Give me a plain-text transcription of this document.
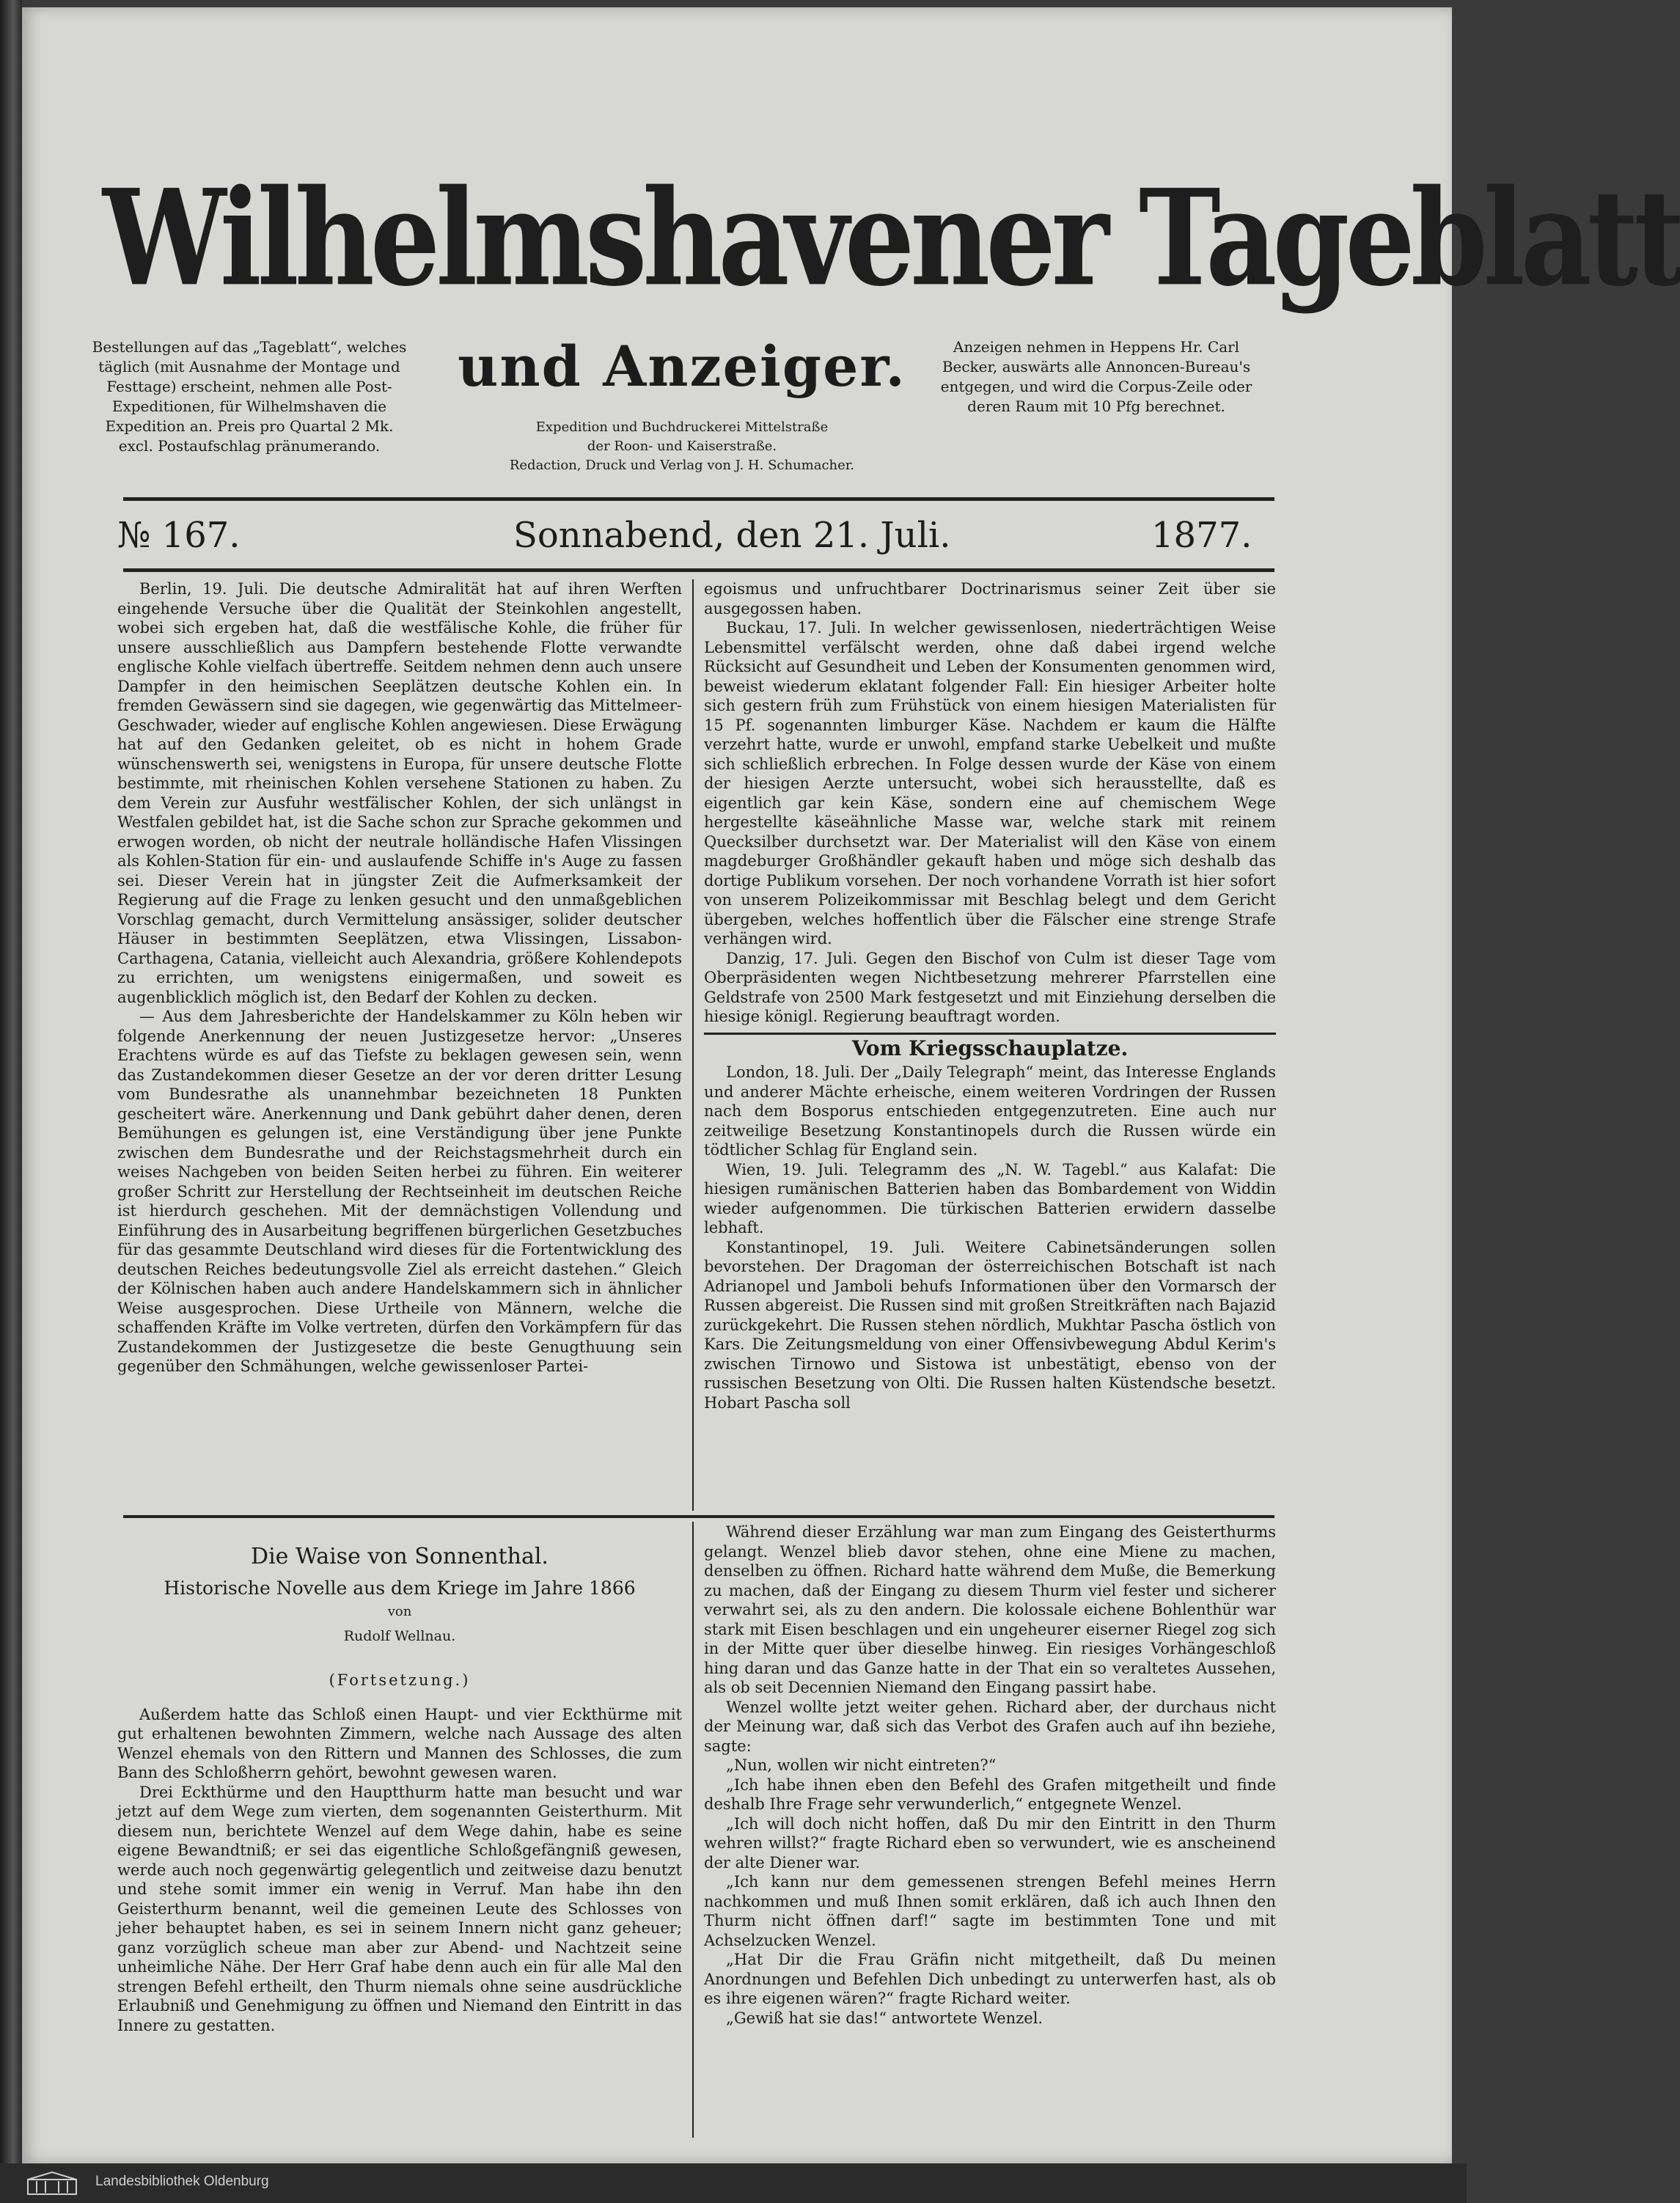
Wilhelmshavener Tageblatt
Bestellungen auf das „Tageblatt“, welches täglich (mit Ausnahme der Montage und Festtage) erscheint, nehmen alle Post-Expeditionen, für Wilhelmshaven die Expedition an. Preis pro Quartal 2 Mk. excl. Postaufschlag pränumerando.
und Anzeiger.	Anzeigen nehmen in Heppens Hr. Carl Becker, auswärts alle Annoncen-Bureau's entgegen, und wird die Corpus-Zeile oder deren Raum mit 10 Pfg berechnet.
Expedition und Buchdruckerei Mittelstraße
der Roon- und Kaiserstraße.
Redaction, Druck und Verlag von J. H. Schumacher.
№ 167.	Sonnabend, den 21. Juli.	1877.

Berlin, 19. Juli. Die deutsche Admiralität hat auf ihren Werften eingehende Versuche über die Qualität der Steinkohlen angestellt, wobei sich ergeben hat, daß die westfälische Kohle, die früher für unsere ausschließlich aus Dampfern bestehende Flotte verwandte englische Kohle vielfach übertreffe. Seitdem nehmen denn auch unsere Dampfer in den heimischen Seeplätzen deutsche Kohlen ein. In fremden Gewässern sind sie dagegen, wie gegenwärtig das Mittelmeer-Geschwader, wieder auf englische Kohlen angewiesen. Diese Erwägung hat auf den Gedanken geleitet, ob es nicht in hohem Grade wünschenswerth sei, wenigstens in Europa, für unsere deutsche Flotte bestimmte, mit rheinischen Kohlen versehene Stationen zu haben. Zu dem Verein zur Ausfuhr westfälischer Kohlen, der sich unlängst in Westfalen gebildet hat, ist die Sache schon zur Sprache gekommen und erwogen worden, ob nicht der neutrale holländische Hafen Vlissingen als Kohlen-Station für ein- und auslaufende Schiffe in's Auge zu fassen sei. Dieser Verein hat in jüngster Zeit die Aufmerksamkeit der Regierung auf die Frage zu lenken gesucht und den unmaßgeblichen Vorschlag gemacht, durch Vermittelung ansässiger, solider deutscher Häuser in bestimmten Seeplätzen, etwa Vlissingen, Lissabon-Carthagena, Catania, vielleicht auch Alexandria, größere Kohlendepots zu errichten, um wenigstens einigermaßen, und soweit es augenblicklich möglich ist, den Bedarf der Kohlen zu decken.

— Aus dem Jahresberichte der Handelskammer zu Köln heben wir folgende Anerkennung der neuen Justizgesetze hervor: „Unseres Erachtens würde es auf das Tiefste zu beklagen gewesen sein, wenn das Zustandekommen dieser Gesetze an der vor deren dritter Lesung vom Bundesrathe als unannehmbar bezeichneten 18 Punkten gescheitert wäre. Anerkennung und Dank gebührt daher denen, deren Bemühungen es gelungen ist, eine Verständigung über jene Punkte zwischen dem Bundesrathe und der Reichstagsmehrheit durch ein weises Nachgeben von beiden Seiten herbei zu führen. Ein weiterer großer Schritt zur Herstellung der Rechtseinheit im deutschen Reiche ist hierdurch geschehen. Mit der demnächstigen Vollendung und Einführung des in Ausarbeitung begriffenen bürgerlichen Gesetzbuches für das gesammte Deutschland wird dieses für die Fortentwicklung des deutschen Reiches bedeutungsvolle Ziel als erreicht dastehen.“ Gleich der Kölnischen haben auch andere Handelskammern sich in ähnlicher Weise ausgesprochen. Diese Urtheile von Männern, welche die schaffenden Kräfte im Volke vertreten, dürfen den Vorkämpfern für das Zustandekommen der Justizgesetze die beste Genugthuung sein gegenüber den Schmähungen, welche gewissenloser Partei-

egoismus und unfruchtbarer Doctrinarismus seiner Zeit über sie ausgegossen haben.

Buckau, 17. Juli. In welcher gewissenlosen, niederträchtigen Weise Lebensmittel verfälscht werden, ohne daß dabei irgend welche Rücksicht auf Gesundheit und Leben der Konsumenten genommen wird, beweist wiederum eklatant folgender Fall: Ein hiesiger Arbeiter holte sich gestern früh zum Frühstück von einem hiesigen Materialisten für 15 Pf. sogenannten limburger Käse. Nachdem er kaum die Hälfte verzehrt hatte, wurde er unwohl, empfand starke Uebelkeit und mußte sich schließlich erbrechen. In Folge dessen wurde der Käse von einem der hiesigen Aerzte untersucht, wobei sich herausstellte, daß es eigentlich gar kein Käse, sondern eine auf chemischem Wege hergestellte käseähnliche Masse war, welche stark mit reinem Quecksilber durchsetzt war. Der Materialist will den Käse von einem magdeburger Großhändler gekauft haben und möge sich deshalb das dortige Publikum vorsehen. Der noch vorhandene Vorrath ist hier sofort von unserem Polizeikommissar mit Beschlag belegt und dem Gericht übergeben, welches hoffentlich über die Fälscher eine strenge Strafe verhängen wird.

Danzig, 17. Juli. Gegen den Bischof von Culm ist dieser Tage vom Oberpräsidenten wegen Nichtbesetzung mehrerer Pfarrstellen eine Geldstrafe von 2500 Mark festgesetzt und mit Einziehung derselben die hiesige königl. Regierung beauftragt worden.

Vom Kriegsschauplatze.

London, 18. Juli. Der „Daily Telegraph“ meint, das Interesse Englands und anderer Mächte erheische, einem weiteren Vordringen der Russen nach dem Bosporus entschieden entgegenzutreten. Eine auch nur zeitweilige Besetzung Konstantinopels durch die Russen würde ein tödtlicher Schlag für England sein.

Wien, 19. Juli. Telegramm des „N. W. Tagebl.“ aus Kalafat: Die hiesigen rumänischen Batterien haben das Bombardement von Widdin wieder aufgenommen. Die türkischen Batterien erwidern dasselbe lebhaft.

Konstantinopel, 19. Juli. Weitere Cabinetsänderungen sollen bevorstehen. Der Dragoman der österreichischen Botschaft ist nach Adrianopel und Jamboli behufs Informationen über den Vormarsch der Russen abgereist. Die Russen sind mit großen Streitkräften nach Bajazid zurückgekehrt. Die Russen stehen nördlich, Mukhtar Pascha östlich von Kars. Die Zeitungsmeldung von einer Offensivbewegung Abdul Kerim's zwischen Tirnowo und Sistowa ist unbestätigt, ebenso von der russischen Besetzung von Olti. Die Russen halten Küstendsche besetzt. Hobart Pascha soll

Die Waise von Sonnenthal.
Historische Novelle aus dem Kriege im Jahre 1866
von
Rudolf Wellnau.
(Fortsetzung.)

Außerdem hatte das Schloß einen Haupt- und vier Eckthürme mit gut erhaltenen bewohnten Zimmern, welche nach Aussage des alten Wenzel ehemals von den Rittern und Mannen des Schlosses, die zum Bann des Schloßherrn gehört, bewohnt gewesen waren.

Drei Eckthürme und den Hauptthurm hatte man besucht und war jetzt auf dem Wege zum vierten, dem sogenannten Geisterthurm. Mit diesem nun, berichtete Wenzel auf dem Wege dahin, habe es seine eigene Bewandtniß; er sei das eigentliche Schloßgefängniß gewesen, werde auch noch gegenwärtig gelegentlich und zeitweise dazu benutzt und stehe somit immer ein wenig in Verruf. Man habe ihn den Geisterthurm benannt, weil die gemeinen Leute des Schlosses von jeher behauptet haben, es sei in seinem Innern nicht ganz geheuer; ganz vorzüglich scheue man aber zur Abend- und Nachtzeit seine unheimliche Nähe. Der Herr Graf habe denn auch ein für alle Mal den strengen Befehl ertheilt, den Thurm niemals ohne seine ausdrückliche Erlaubniß und Genehmigung zu öffnen und Niemand den Eintritt in das Innere zu gestatten.

Während dieser Erzählung war man zum Eingang des Geisterthurms gelangt. Wenzel blieb davor stehen, ohne eine Miene zu machen, denselben zu öffnen. Richard hatte während dem Muße, die Bemerkung zu machen, daß der Eingang zu diesem Thurm viel fester und sicherer verwahrt sei, als zu den andern. Die kolossale eichene Bohlenthür war stark mit Eisen beschlagen und ein ungeheurer eiserner Riegel zog sich in der Mitte quer über dieselbe hinweg. Ein riesiges Vorhängeschloß hing daran und das Ganze hatte in der That ein so veraltetes Aussehen, als ob seit Decennien Niemand den Eingang passirt habe.

Wenzel wollte jetzt weiter gehen. Richard aber, der durchaus nicht der Meinung war, daß sich das Verbot des Grafen auch auf ihn beziehe, sagte:

„Nun, wollen wir nicht eintreten?“

„Ich habe ihnen eben den Befehl des Grafen mitgetheilt und finde deshalb Ihre Frage sehr verwunderlich,“ entgegnete Wenzel.

„Ich will doch nicht hoffen, daß Du mir den Eintritt in den Thurm wehren willst?“ fragte Richard eben so verwundert, wie es anscheinend der alte Diener war.

„Ich kann nur dem gemessenen strengen Befehl meines Herrn nachkommen und muß Ihnen somit erklären, daß ich auch Ihnen den Thurm nicht öffnen darf!“ sagte im bestimmten Tone und mit Achselzucken Wenzel.

„Hat Dir die Frau Gräfin nicht mitgetheilt, daß Du meinen Anordnungen und Befehlen Dich unbedingt zu unterwerfen hast, als ob es ihre eigenen wären?“ fragte Richard weiter.

„Gewiß hat sie das!“ antwortete Wenzel.

Landesbibliothek Oldenburg
